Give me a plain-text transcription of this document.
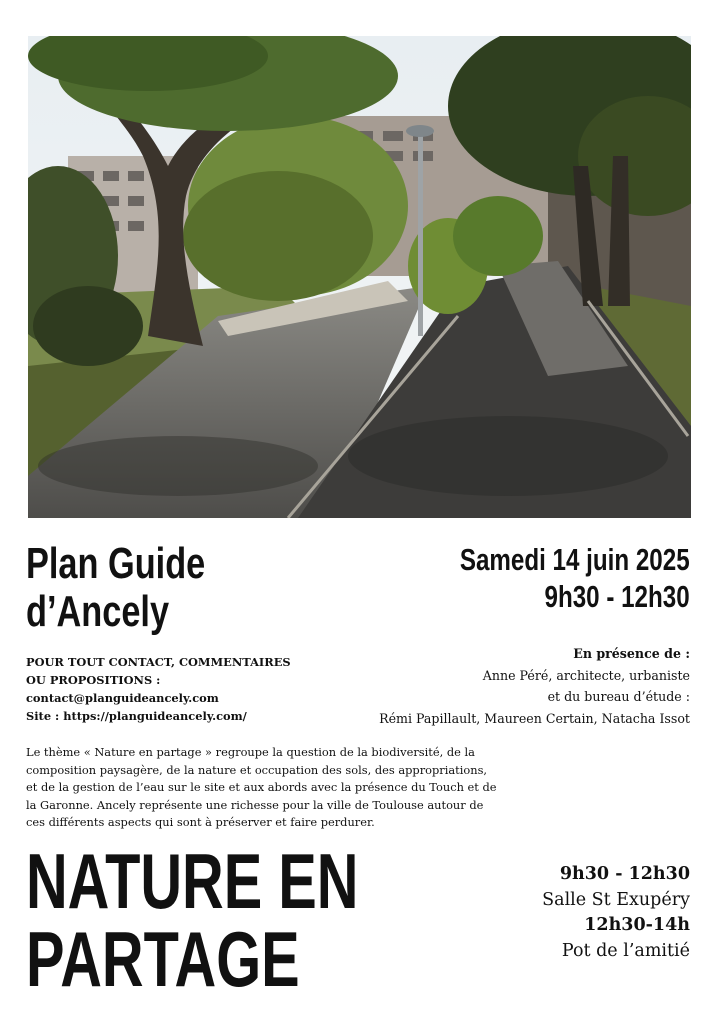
Plan Guide
d’Ancely
Samedi 14 juin 2025
9h30 - 12h30
POUR TOUT CONTACT, COMMENTAIRES
OU PROPOSITIONS :
contact@planguideancely.com
Site : https://planguideancely.com/
En présence de :
Anne Péré, architecte, urbaniste
et du bureau d’étude :
Rémi Papillault, Maureen Certain, Natacha Issot
Le thème « Nature en partage » regroupe la question de la biodiversité, de la
composition paysagère, de la nature et occupation des sols, des appropriations,
et de la gestion de l’eau sur le site et aux abords avec la présence du Touch et de
la Garonne. Ancely représente une richesse pour la ville de Toulouse autour de
ces différents aspects qui sont à préserver et faire perdurer.
NATURE EN
PARTAGE
9h30 - 12h30
Salle St Exupéry
12h30-14h
Pot de l’amitié
